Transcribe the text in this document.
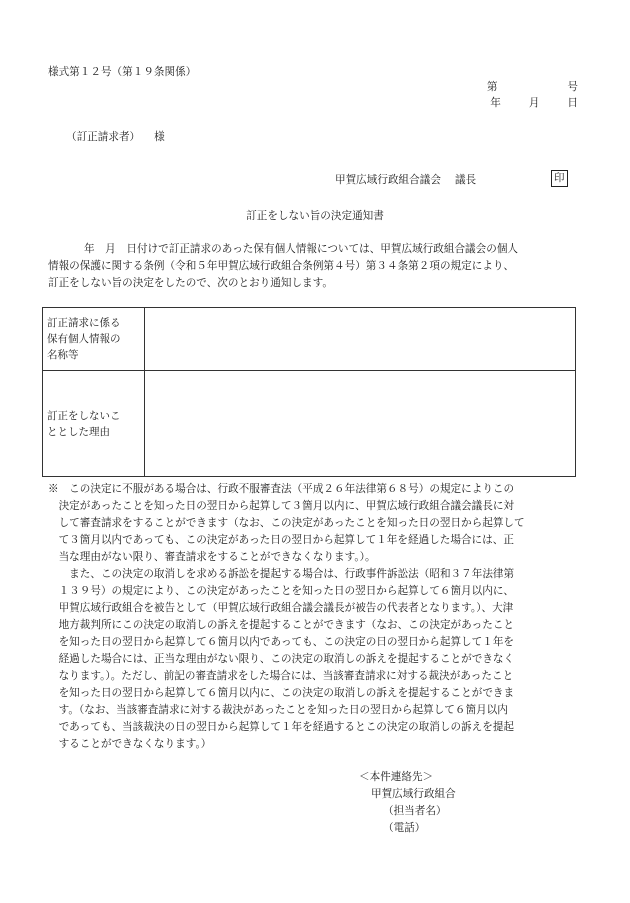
様式第１２号（第１９条関係）
第	号
年	月	日
（訂正請求者） 様
甲賀広域行政組合議会 議長	印
訂正をしない旨の決定通知書
年　月　日付けで訂正請求のあった保有個人情報については、甲賀広域行政組合議会の個人
情報の保護に関する条例（令和５年甲賀広域行政組合条例第４号）第３４条第２項の規定により、
訂正をしない旨の決定をしたので、次のとおり通知します。
訂正請求に係る
保有個人情報の
名称等	

訂正をしないこ
ととした理由	

※　この決定に不服がある場合は、行政不服審査法（平成２６年法律第６８号）の規定によりこの
　決定があったことを知った日の翌日から起算して３箇月以内に、甲賀広域行政組合議会議長に対
　して審査請求をすることができます（なお、この決定があったことを知った日の翌日から起算して
　て３箇月以内であっても、この決定があった日の翌日から起算して１年を経過した場合には、正
　当な理由がない限り、審査請求をすることができなくなります。）。
　　また、この決定の取消しを求める訴訟を提起する場合は、行政事件訴訟法（昭和３７年法律第
　１３９号）の規定により、この決定があったことを知った日の翌日から起算して６箇月以内に、
　甲賀広域行政組合を被告として（甲賀広域行政組合議会議長が被告の代表者となります。）、大津
　地方裁判所にこの決定の取消しの訴えを提起することができます（なお、この決定があったこと
　を知った日の翌日から起算して６箇月以内であっても、この決定の日の翌日から起算して１年を
　経過した場合には、正当な理由がない限り、この決定の取消しの訴えを提起することができなく
　なります。）。ただし、前記の審査請求をした場合には、当該審査請求に対する裁決があったこと
　を知った日の翌日から起算して６箇月以内に、この決定の取消しの訴えを提起することができま
　す。（なお、当該審査請求に対する裁決があったことを知った日の翌日から起算して６箇月以内
　であっても、当該裁決の日の翌日から起算して１年を経過するとこの決定の取消しの訴えを提起
　することができなくなります。）
＜本件連絡先＞
甲賀広域行政組合
（担当者名）
（電話）
